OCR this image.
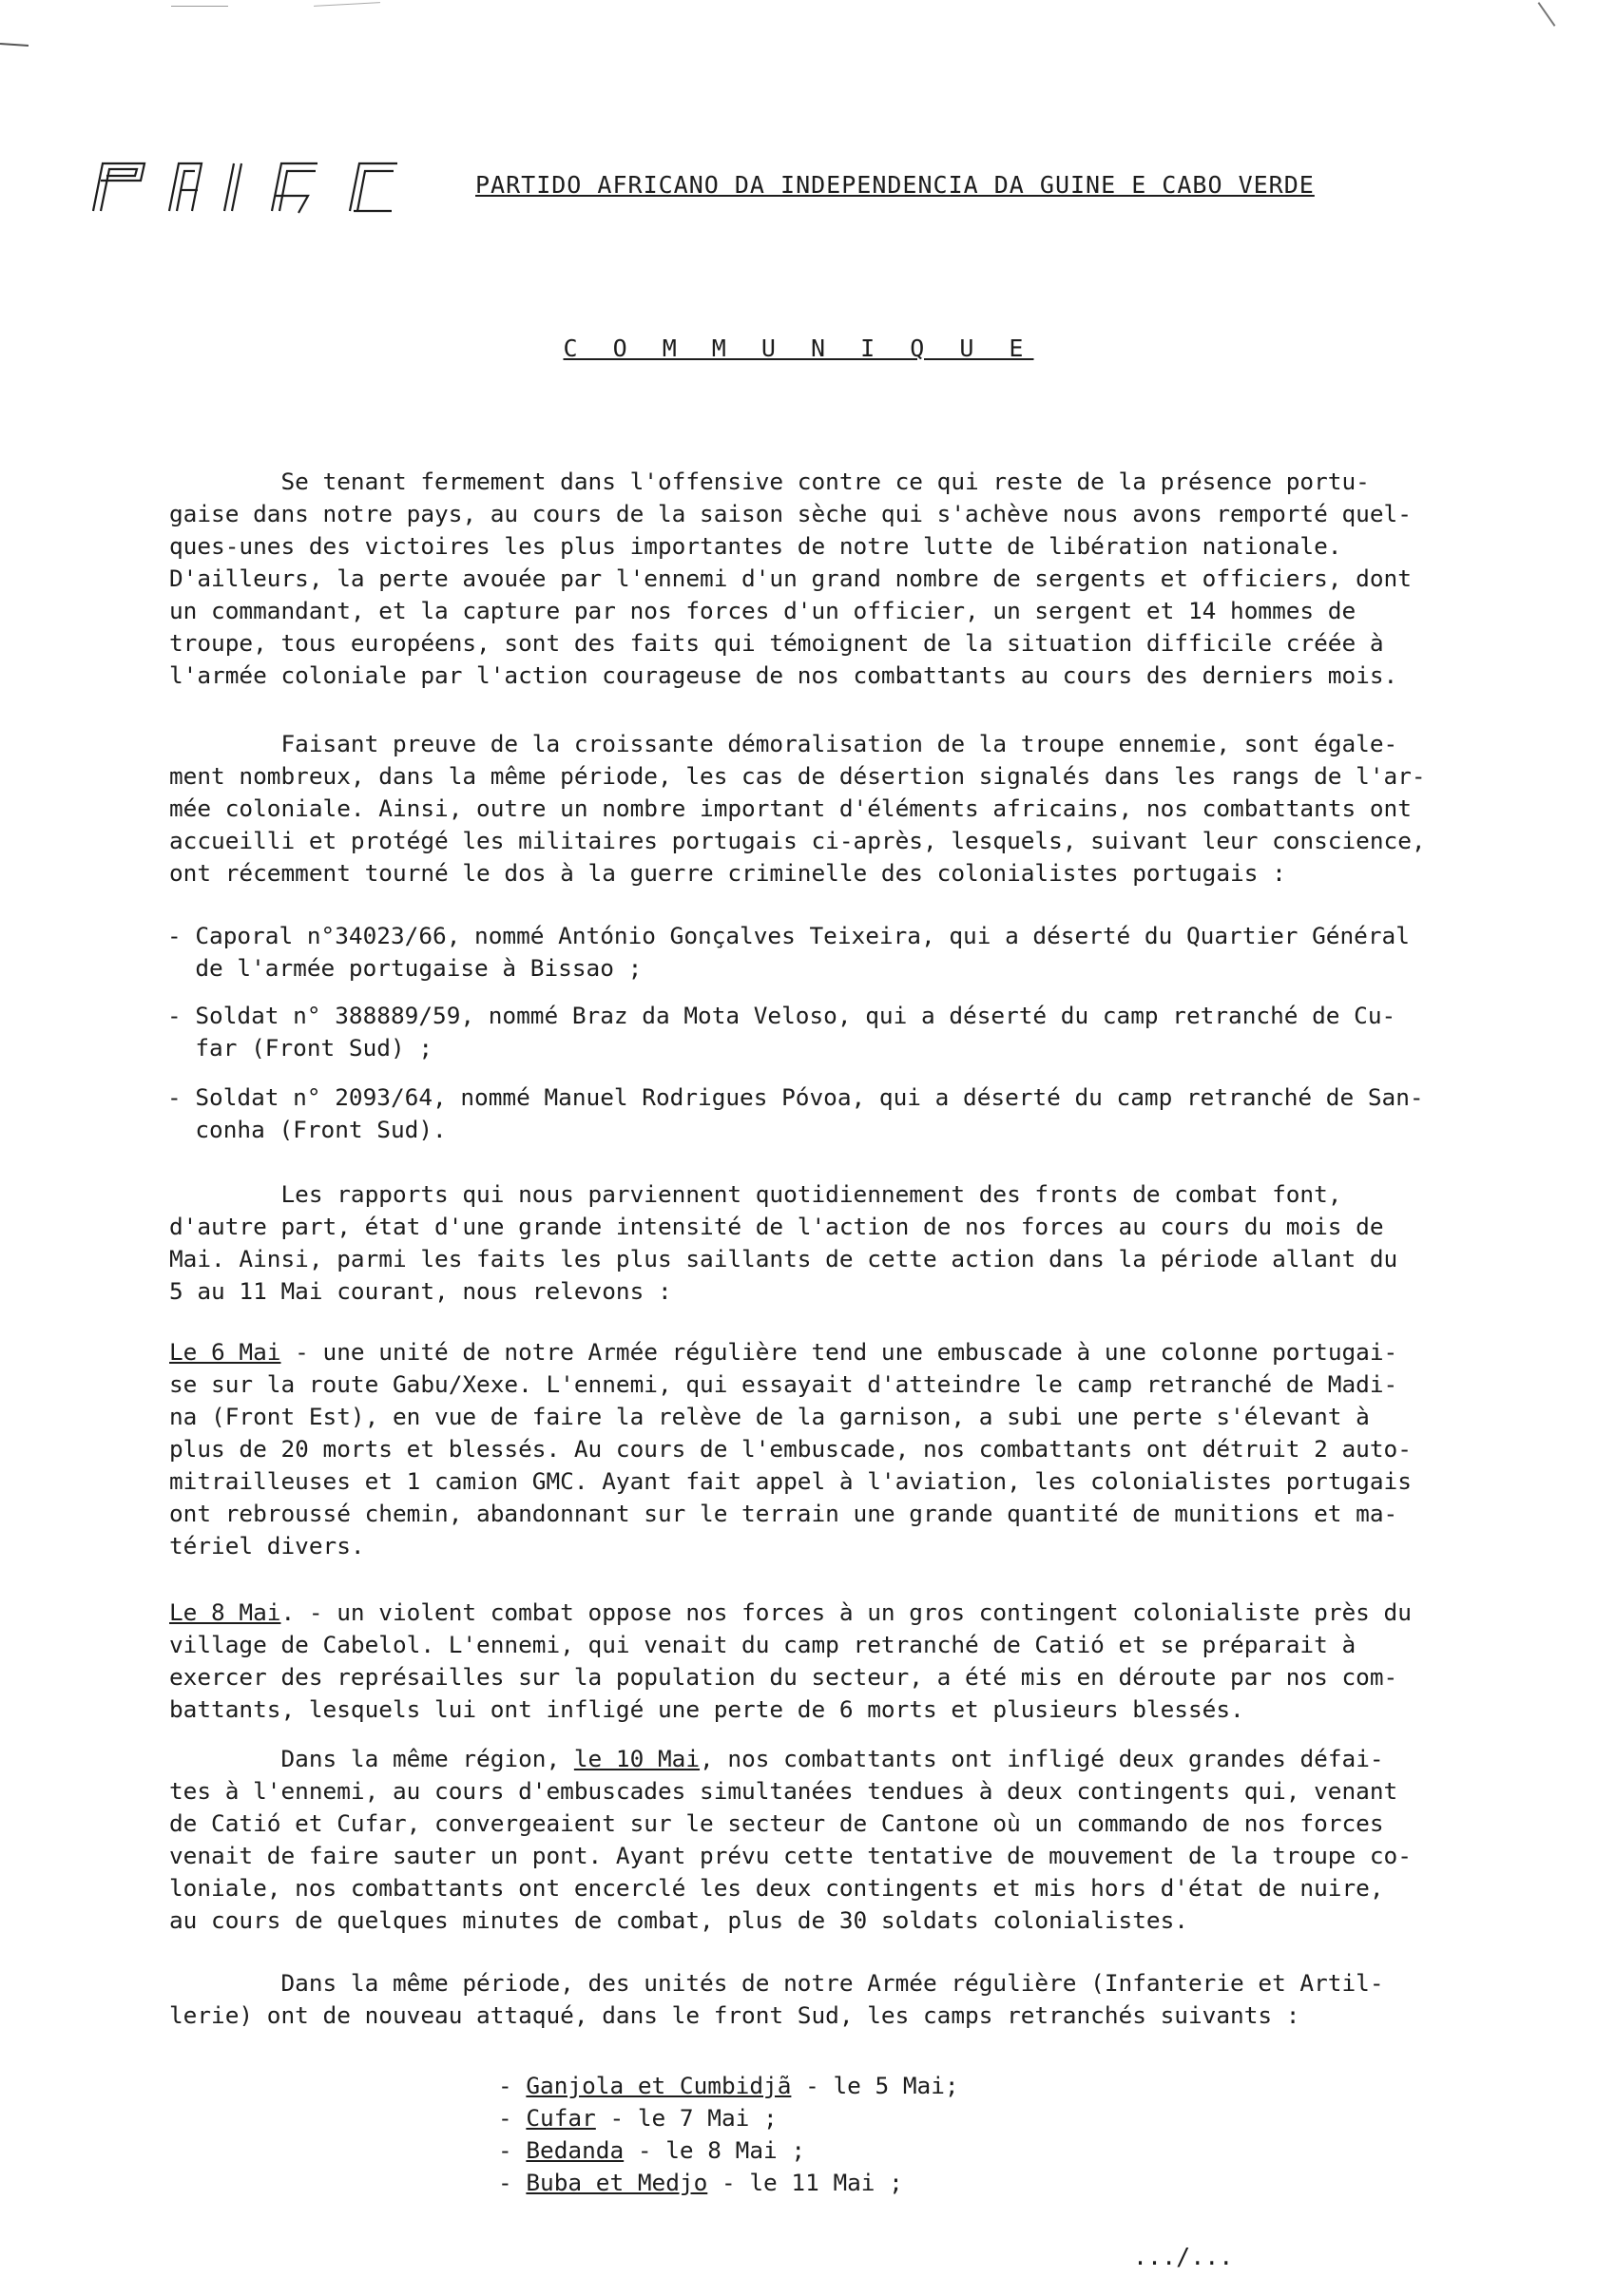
PARTIDO AFRICANO DA INDEPENDENCIA DA GUINE E CABO VERDE
C O M M U N I Q U E
Se tenant fermement dans l'offensive contre ce qui reste de la présence portu-
gaise dans notre pays, au cours de la saison sèche qui s'achève nous avons remporté quel-
ques-unes des victoires les plus importantes de notre lutte de libération nationale.
D'ailleurs, la perte avouée par l'ennemi d'un grand nombre de sergents et officiers, dont
un commandant, et la capture par nos forces d'un officier, un sergent et 14 hommes de
troupe, tous européens, sont des faits qui témoignent de la situation difficile créée à
l'armée coloniale par l'action courageuse de nos combattants au cours des derniers mois.
Faisant preuve de la croissante démoralisation de la troupe ennemie, sont égale-
ment nombreux, dans la même période, les cas de désertion signalés dans les rangs de l'ar-
mée coloniale. Ainsi, outre un nombre important d'éléments africains, nos combattants ont
accueilli et protégé les militaires portugais ci-après, lesquels, suivant leur conscience,
ont récemment tourné le dos à la guerre criminelle des colonialistes portugais :
- Caporal n°34023/66, nommé António Gonçalves Teixeira, qui a déserté du Quartier Général
de l'armée portugaise à Bissao ;
- Soldat n° 388889/59, nommé Braz da Mota Veloso, qui a déserté du camp retranché de Cu-
far (Front Sud) ;
- Soldat n° 2093/64, nommé Manuel Rodrigues Póvoa, qui a déserté du camp retranché de San-
conha (Front Sud).
Les rapports qui nous parviennent quotidiennement des fronts de combat font,
d'autre part, état d'une grande intensité de l'action de nos forces au cours du mois de
Mai. Ainsi, parmi les faits les plus saillants de cette action dans la période allant du
5 au 11 Mai courant, nous relevons :
Le 6 Mai - une unité de notre Armée régulière tend une embuscade à une colonne portugai-
se sur la route Gabu/Xexe. L'ennemi, qui essayait d'atteindre le camp retranché de Madi-
na (Front Est), en vue de faire la relève de la garnison, a subi une perte s'élevant à
plus de 20 morts et blessés. Au cours de l'embuscade, nos combattants ont détruit 2 auto-
mitrailleuses et 1 camion GMC. Ayant fait appel à l'aviation, les colonialistes portugais
ont rebroussé chemin, abandonnant sur le terrain une grande quantité de munitions et ma-
tériel divers.
Le 8 Mai. - un violent combat oppose nos forces à un gros contingent colonialiste près du
village de Cabelol. L'ennemi, qui venait du camp retranché de Catió et se préparait à
exercer des représailles sur la population du secteur, a été mis en déroute par nos com-
battants, lesquels lui ont infligé une perte de 6 morts et plusieurs blessés.
Dans la même région, le 10 Mai, nos combattants ont infligé deux grandes défai-
tes à l'ennemi, au cours d'embuscades simultanées tendues à deux contingents qui, venant
de Catió et Cufar, convergeaient sur le secteur de Cantone où un commando de nos forces
venait de faire sauter un pont. Ayant prévu cette tentative de mouvement de la troupe co-
loniale, nos combattants ont encerclé les deux contingents et mis hors d'état de nuire,
au cours de quelques minutes de combat, plus de 30 soldats colonialistes.
Dans la même période, des unités de notre Armée régulière (Infanterie et Artil-
lerie) ont de nouveau attaqué, dans le front Sud, les camps retranchés suivants :
- Ganjola et Cumbidjã - le 5 Mai;
- Cufar - le 7 Mai ;
- Bedanda - le 8 Mai ;
- Buba et Medjo - le 11 Mai ;
.../...
